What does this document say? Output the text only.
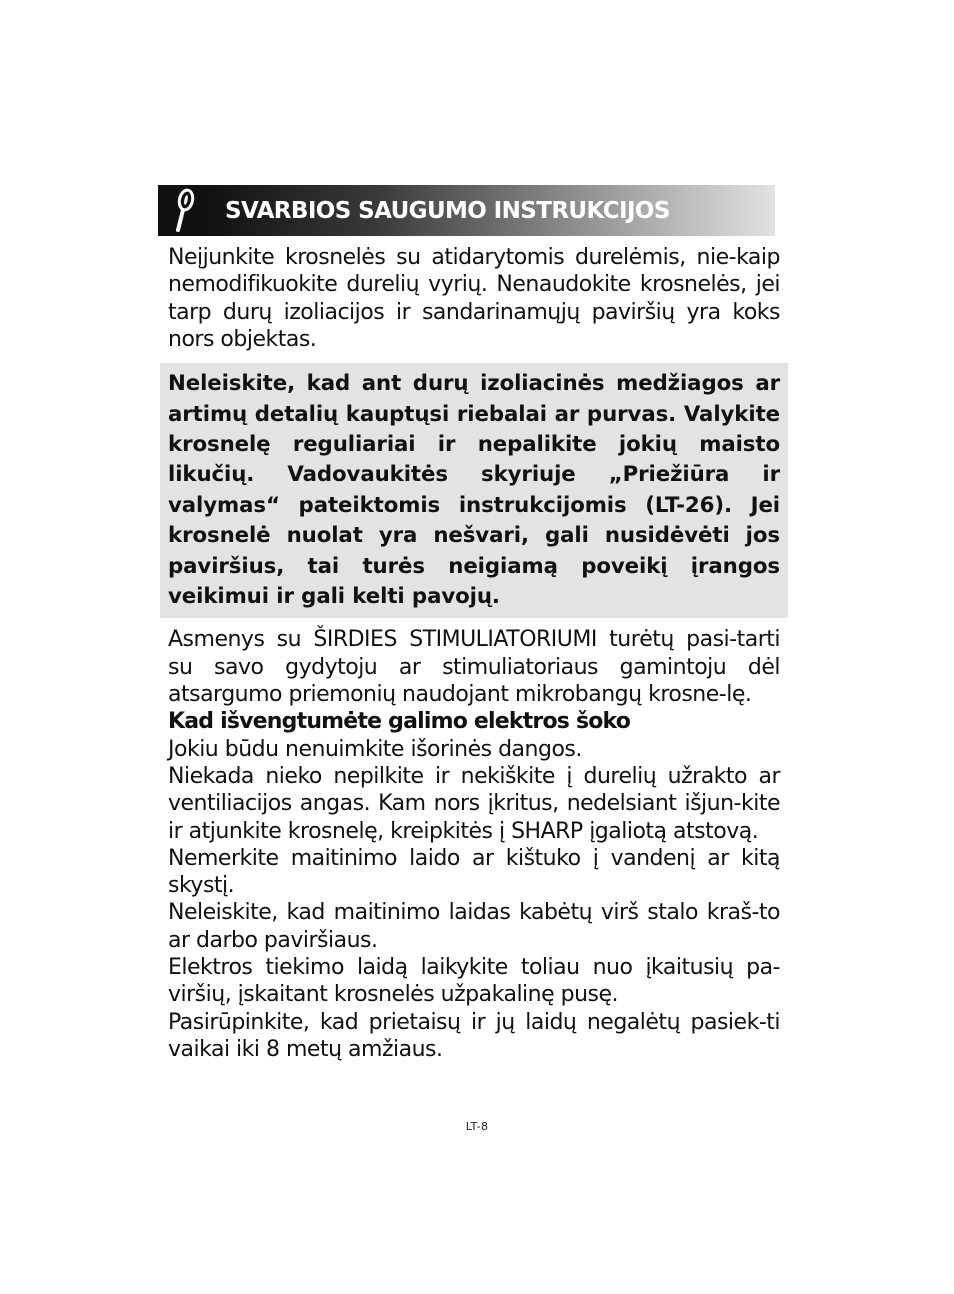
SVARBIOS SAUGUMO INSTRUKCIJOS

Neįjunkite krosnelės su atidarytomis durelėmis, nie-kaip nemodifikuokite durelių vyrių. Nenaudokite krosnelės, jei tarp durų izoliacijos ir sandarinamųjų paviršių yra koks nors objektas.

Neleiskite, kad ant durų izoliacinės medžiagos ar artimų detalių kauptųsi riebalai ar purvas. Valykite krosnelę reguliariai ir nepalikite jokių maisto likučių. Vadovaukitės skyriuje „Priežiūra ir valymas“ pateiktomis instrukcijomis (LT-26). Jei krosnelė nuolat yra nešvari, gali nusidėvėti jos paviršius, tai turės neigiamą poveikį įrangos veikimui ir gali kelti pavojų.

Asmenys su ŠIRDIES STIMULIATORIUMI turėtų pasi-tarti su savo gydytoju ar stimuliatoriaus gamintoju dėl atsargumo priemonių naudojant mikrobangų krosne-lę.

Kad išvengtumėte galimo elektros šoko

Jokiu būdu nenuimkite išorinės dangos.

Niekada nieko nepilkite ir nekiškite į durelių užrakto ar ventiliacijos angas. Kam nors įkritus, nedelsiant išjun-kite ir atjunkite krosnelę, kreipkitės į SHARP įgaliotą atstovą.

Nemerkite maitinimo laido ar kištuko į vandenį ar kitą skystį.

Neleiskite, kad maitinimo laidas kabėtų virš stalo kraš-to ar darbo paviršiaus.

Elektros tiekimo laidą laikykite toliau nuo įkaitusių pa-viršių, įskaitant krosnelės užpakalinę pusę.

Pasirūpinkite, kad prietaisų ir jų laidų negalėtų pasiek-ti vaikai iki 8 metų amžiaus.

LT-8
